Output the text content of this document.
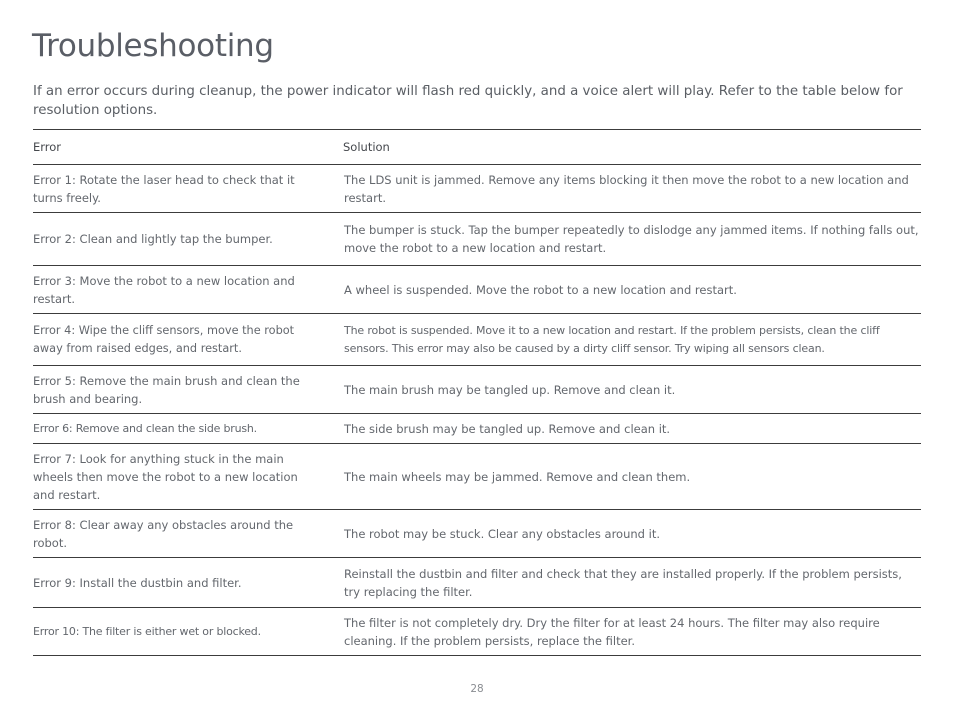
Troubleshooting

If an error occurs during cleanup, the power indicator will flash red quickly, and a voice alert will play. Refer to the table below for resolution options.

Error	Solution
Error 1: Rotate the laser head to check that it turns freely.	The LDS unit is jammed. Remove any items blocking it then move the robot to a new location and restart.
Error 2: Clean and lightly tap the bumper.	The bumper is stuck. Tap the bumper repeatedly to dislodge any jammed items. If nothing falls out, move the robot to a new location and restart.
Error 3: Move the robot to a new location and restart.	A wheel is suspended. Move the robot to a new location and restart.
Error 4: Wipe the cliff sensors, move the robot away from raised edges, and restart.	The robot is suspended. Move it to a new location and restart. If the problem persists, clean the cliff sensors. This error may also be caused by a dirty cliff sensor. Try wiping all sensors clean.
Error 5: Remove the main brush and clean the brush and bearing.	The main brush may be tangled up. Remove and clean it.
Error 6: Remove and clean the side brush.	The side brush may be tangled up. Remove and clean it.
Error 7: Look for anything stuck in the main wheels then move the robot to a new location and restart.	The main wheels may be jammed. Remove and clean them.
Error 8: Clear away any obstacles around the robot.	The robot may be stuck. Clear any obstacles around it.
Error 9: Install the dustbin and filter.	Reinstall the dustbin and filter and check that they are installed properly. If the problem persists, try replacing the filter.
Error 10: The filter is either wet or blocked.	The filter is not completely dry. Dry the filter for at least 24 hours. The filter may also require cleaning. If the problem persists, replace the filter.
28
